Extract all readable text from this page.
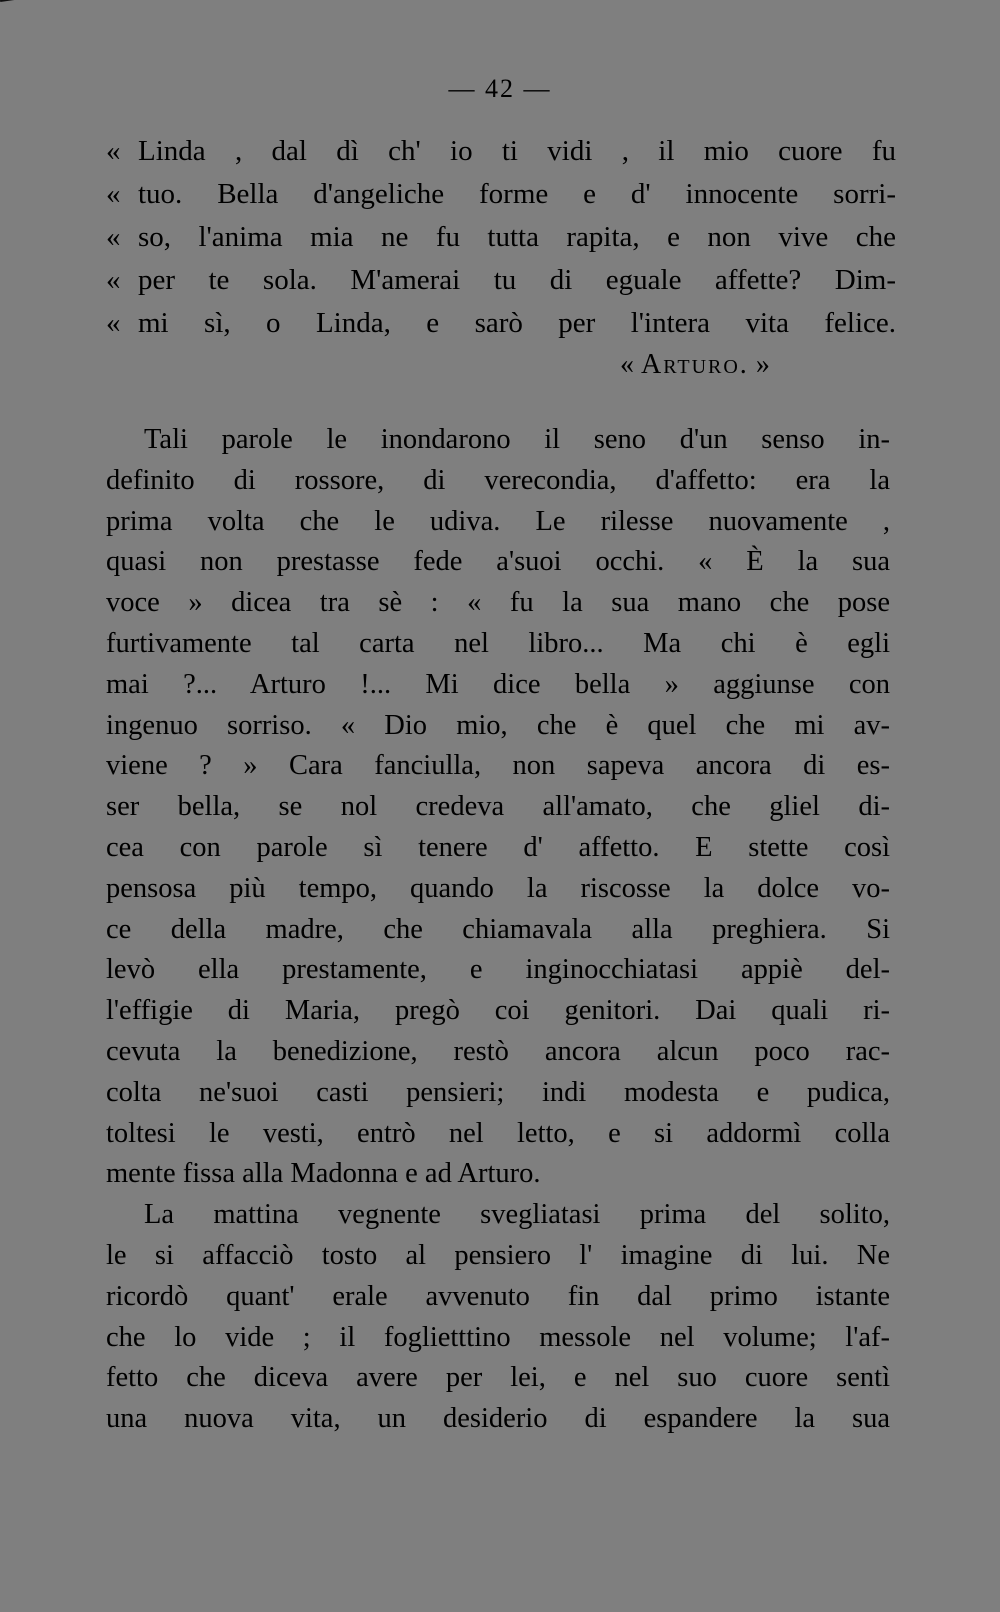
— 42 —
« Linda , dal dì ch' io ti vidi , il mio cuore fu
« tuo. Bella d'angeliche forme e d' innocente sorri-
« so, l'anima mia ne fu tutta rapita, e non vive che
« per te sola. M'amerai tu di eguale affette? Dim-
« mi sì, o Linda, e sarò per l'intera vita felice.
« Arturo. »
Tali parole le inondarono il seno d'un senso in-
definito di rossore, di verecondia, d'affetto: era la
prima volta che le udiva. Le rilesse nuovamente ,
quasi non prestasse fede a'suoi occhi. « È la sua
voce » dicea tra sè : « fu la sua mano che pose
furtivamente tal carta nel libro... Ma chi è egli
mai ?... Arturo !... Mi dice bella » aggiunse con
ingenuo sorriso. « Dio mio, che è quel che mi av-
viene ? » Cara fanciulla, non sapeva ancora di es-
ser bella, se nol credeva all'amato, che gliel di-
cea con parole sì tenere d' affetto. E stette così
pensosa più tempo, quando la riscosse la dolce vo-
ce della madre, che chiamavala alla preghiera. Si
levò ella prestamente, e inginocchiatasi appiè del-
l'effigie di Maria, pregò coi genitori. Dai quali ri-
cevuta la benedizione, restò ancora alcun poco rac-
colta ne'suoi casti pensieri; indi modesta e pudica,
toltesi le vesti, entrò nel letto, e si addormì colla
mente fissa alla Madonna e ad Arturo.
La mattina vegnente svegliatasi prima del solito,
le si affacciò tosto al pensiero l' imagine di lui. Ne
ricordò quant' erale avvenuto fin dal primo istante
che lo vide ; il foglietttino messole nel volume; l'af-
fetto che diceva avere per lei, e nel suo cuore sentì
una nuova vita, un desiderio di espandere la sua
